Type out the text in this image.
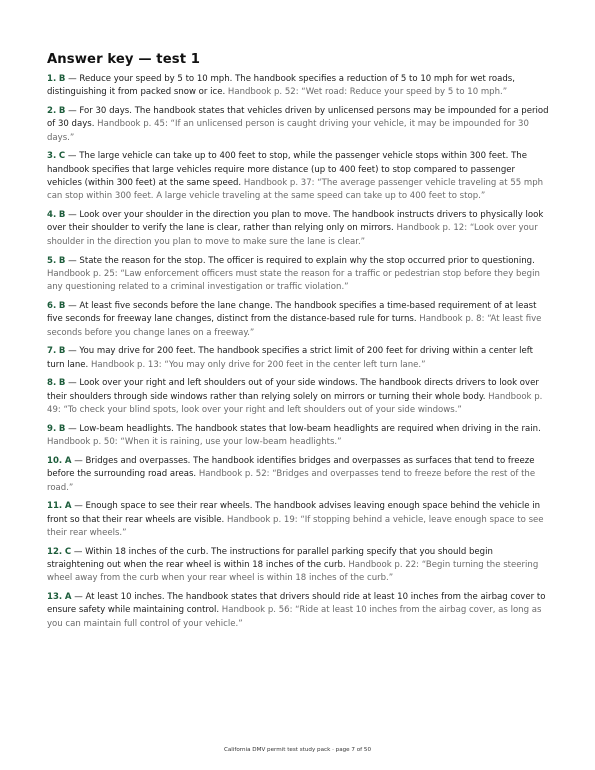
Answer key — test 1
1. B — Reduce your speed by 5 to 10 mph. The handbook specifies a reduction of 5 to 10 mph for wet roads, distinguishing it from packed snow or ice. Handbook p. 52: “Wet road: Reduce your speed by 5 to 10 mph.”
2. B — For 30 days. The handbook states that vehicles driven by unlicensed persons may be impounded for a period of 30 days. Handbook p. 45: “If an unlicensed person is caught driving your vehicle, it may be impounded for 30 days.”
3. C — The large vehicle can take up to 400 feet to stop, while the passenger vehicle stops within 300 feet. The handbook specifies that large vehicles require more distance (up to 400 feet) to stop compared to passenger vehicles (within 300 feet) at the same speed. Handbook p. 37: “The average passenger vehicle traveling at 55 mph can stop within 300 feet. A large vehicle traveling at the same speed can take up to 400 feet to stop.”
4. B — Look over your shoulder in the direction you plan to move. The handbook instructs drivers to physically look over their shoulder to verify the lane is clear, rather than relying only on mirrors. Handbook p. 12: “Look over your shoulder in the direction you plan to move to make sure the lane is clear.”
5. B — State the reason for the stop. The officer is required to explain why the stop occurred prior to questioning. Handbook p. 25: “Law enforcement officers must state the reason for a traffic or pedestrian stop before they begin any questioning related to a criminal investigation or traffic violation.”
6. B — At least five seconds before the lane change. The handbook specifies a time-based requirement of at least five seconds for freeway lane changes, distinct from the distance-based rule for turns. Handbook p. 8: “At least five seconds before you change lanes on a freeway.”
7. B — You may drive for 200 feet. The handbook specifies a strict limit of 200 feet for driving within a center left turn lane. Handbook p. 13: “You may only drive for 200 feet in the center left turn lane.”
8. B — Look over your right and left shoulders out of your side windows. The handbook directs drivers to look over their shoulders through side windows rather than relying solely on mirrors or turning their whole body. Handbook p. 49: “To check your blind spots, look over your right and left shoulders out of your side windows.”
9. B — Low-beam headlights. The handbook states that low-beam headlights are required when driving in the rain. Handbook p. 50: “When it is raining, use your low-beam headlights.”
10. A — Bridges and overpasses. The handbook identifies bridges and overpasses as surfaces that tend to freeze before the surrounding road areas. Handbook p. 52: “Bridges and overpasses tend to freeze before the rest of the road.”
11. A — Enough space to see their rear wheels. The handbook advises leaving enough space behind the vehicle in front so that their rear wheels are visible. Handbook p. 19: “If stopping behind a vehicle, leave enough space to see their rear wheels.”
12. C — Within 18 inches of the curb. The instructions for parallel parking specify that you should begin straightening out when the rear wheel is within 18 inches of the curb. Handbook p. 22: “Begin turning the steering wheel away from the curb when your rear wheel is within 18 inches of the curb.”
13. A — At least 10 inches. The handbook states that drivers should ride at least 10 inches from the airbag cover to ensure safety while maintaining control. Handbook p. 56: “Ride at least 10 inches from the airbag cover, as long as you can maintain full control of your vehicle.”
California DMV permit test study pack · page 7 of 50
